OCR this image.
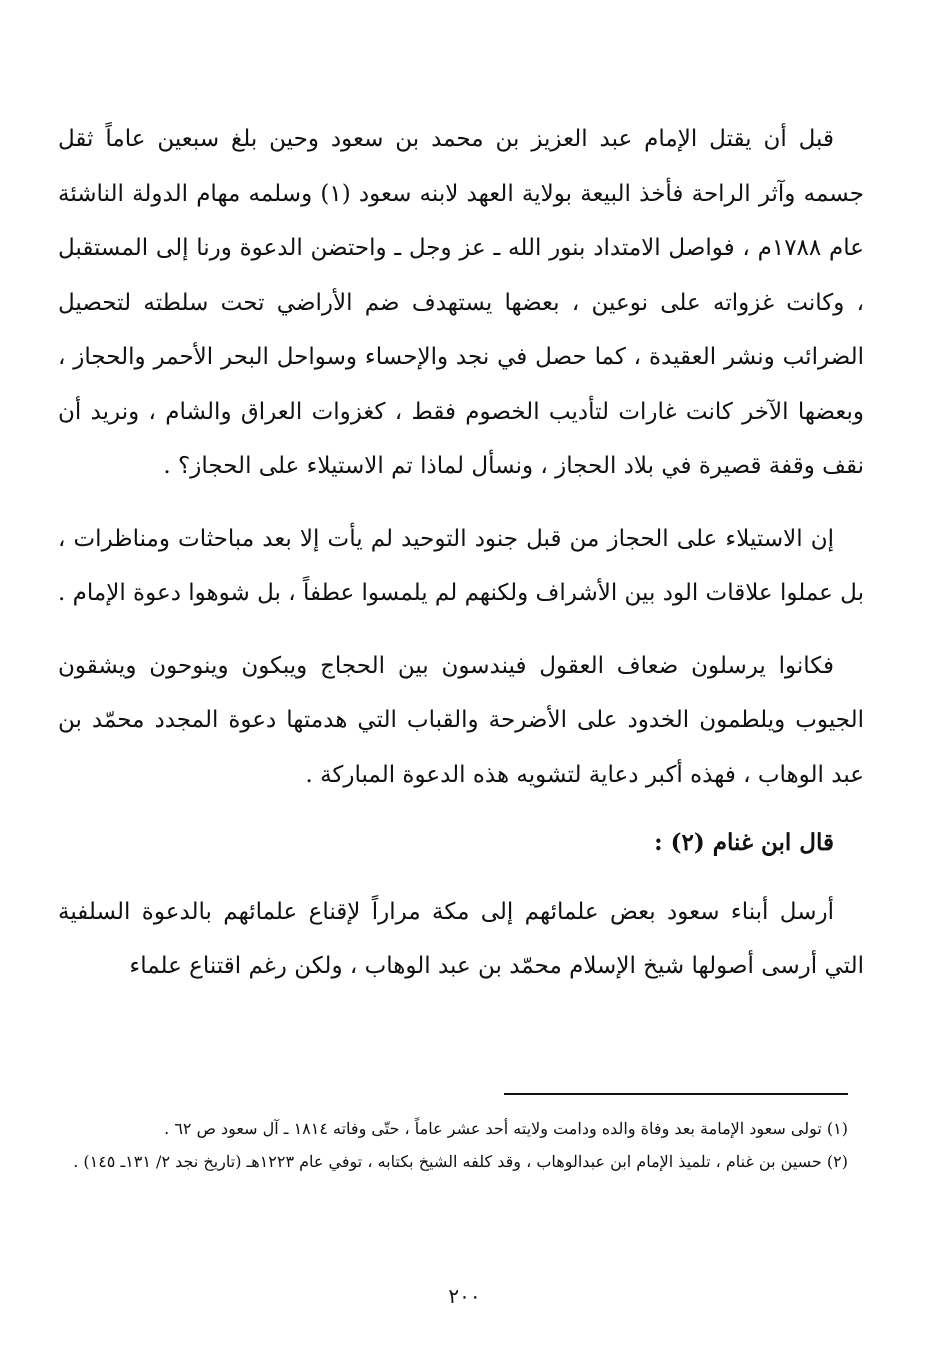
قبل أن يقتل الإمام عبد العزيز بن محمد بن سعود وحين بلغ سبعين عاماً ثقل جسمه وآثر الراحة فأخذ البيعة بولاية العهد لابنه سعود (١) وسلمه مهام الدولة الناشئة عام ١٧٨٨م ، فواصل الامتداد بنور الله ـ عز وجل ـ واحتضن الدعوة ورنا إلى المستقبل ، وكانت غزواته على نوعين ، بعضها يستهدف ضم الأراضي تحت سلطته لتحصيل الضرائب ونشر العقيدة ، كما حصل في نجد والإحساء وسواحل البحر الأحمر والحجاز ، وبعضها الآخر كانت غارات لتأديب الخصوم فقط ، كغزوات العراق والشام ، ونريد أن نقف وقفة قصيرة في بلاد الحجاز ، ونسأل لماذا تم الاستيلاء على الحجاز؟ .

إن الاستيلاء على الحجاز من قبل جنود التوحيد لم يأت إلا بعد مباحثات ومناظرات ، بل عملوا علاقات الود بين الأشراف ولكنهم لم يلمسوا عطفاً ، بل شوهوا دعوة الإمام .

فكانوا يرسلون ضعاف العقول فيندسون بين الحجاج ويبكون وينوحون ويشقون الجيوب ويلطمون الخدود على الأضرحة والقباب التي هدمتها دعوة المجدد محمّد بن عبد الوهاب ، فهذه أكبر دعاية لتشويه هذه الدعوة المباركة .

قال ابن غنام (٢) :

أرسل أبناء سعود بعض علمائهم إلى مكة مراراً لإقناع علمائهم بالدعوة السلفية التي أرسى أصولها شيخ الإسلام محمّد بن عبد الوهاب ، ولكن رغم اقتناع علماء

(١) تولى سعود الإمامة بعد وفاة والده ودامت ولايته أحد عشر عاماً ، حتّى وفاته ١٨١٤ ـ آل سعود ص ٦٢ .

(٢) حسين بن غنام ، تلميذ الإمام ابن عبدالوهاب ، وقد كلفه الشيخ بكتابه ، توفي عام ١٢٢٣هـ (تاريخ نجد ٢/ ١٣١ـ ١٤٥) .

٢٠٠
